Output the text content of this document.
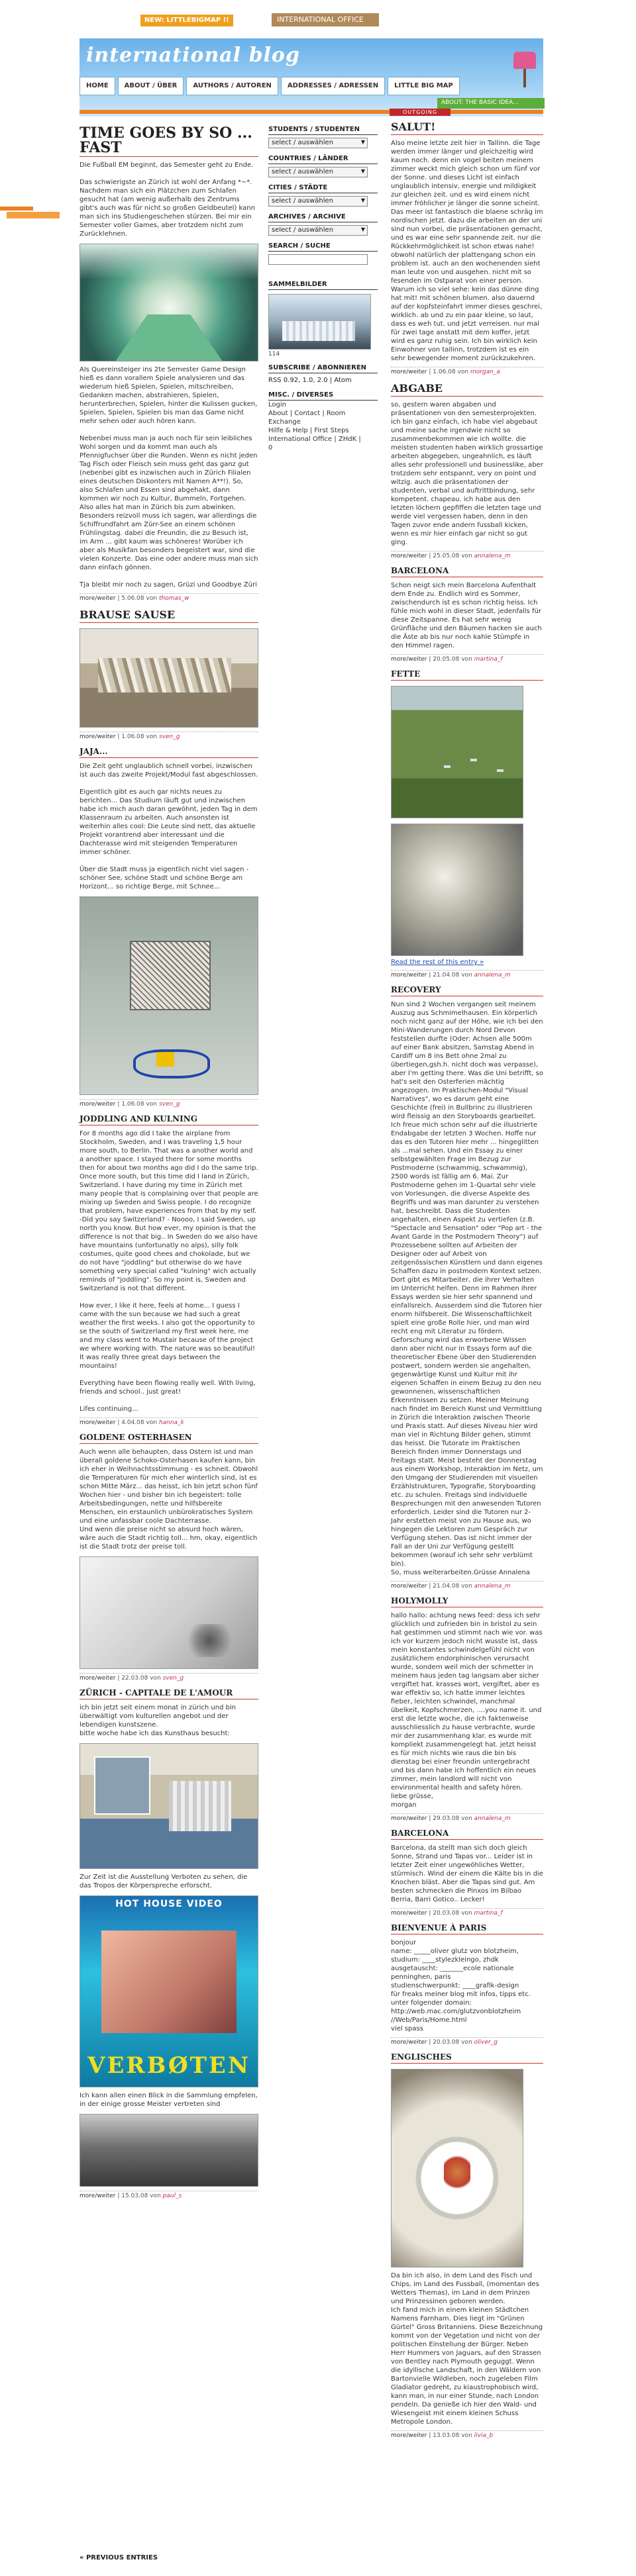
NEW: LITTLEBIGMAP !!	INTERNATIONAL OFFICE
international blog
HOME	ABOUT / ÜBER	AUTHORS / AUTOREN	ADDRESSES / ADRESSEN	LITTLE BIG MAP
ABOUT: THE BASIC IDEA...
OUTGOING
TIME GOES BY SO ... FAST
Die Fußball EM beginnt, das Semester geht zu Ende.

Das schwierigste an Zürich ist wohl der Anfang *~*. Nachdem man sich ein Plätzchen zum Schlafen gesucht hat (am wenig außerhalb des Zentrums gibt's auch was für nicht so großen Geldbeutel) kann man sich ins Studiengeschehen stürzen. Bei mir ein Semester voller Games, aber trotzdem nicht zum Zurücklehnen.
Als Quereinsteiger ins 2te Semester Game Design hieß es dann vorallem Spiele analysieren und das wiederum hieß Spielen, Spielen, mitschreiben, Gedanken machen, abstrahieren, Spielen, herunterbrechen, Spielen, hinter die Kulissen gucken, Spielen, Spielen, Spielen bis man das Game nicht mehr sehen oder auch hören kann.

Nebenbei muss man ja auch noch für sein leibliches Wohl sorgen und da kommt man auch als Pfennigfuchser über die Runden. Wenn es nicht jeden Tag Fisch oder Fleisch sein muss geht das ganz gut (nebenbei gibt es inzwischen auch in Zürich Filialen eines deutschen Diskonters mit Namen A**!). So, also Schlafen und Essen sind abgehakt, dann kommen wir noch zu Kultur, Bummeln, Fortgehen. Also alles hat man in Zürich bis zum abwinken. Besonders reizvoll muss ich sagen, war allerdings die Schiffrundfahrt am Zürr-See an einem schönen Frühlingstag. dabei die Freundin, die zu Besuch ist, im Arm ... gibt kaum was schöneres! Worüber ich aber als Musikfan besonders begeistert war, sind die vielen Konzerte. Das eine oder andere muss man sich dann einfach gönnen.

Tja bleibt mir noch zu sagen, Grüzi und Goodbye Züri
more/weiter | 5.06.08 von thomas_w
BRAUSE SAUSE
more/weiter | 1.06.08 von sven_g
JAJA...
Die Zeit geht unglaublich schnell vorbei, inzwischen ist auch das zweite Projekt/Modul fast abgeschlossen.

Eigentlich gibt es auch gar nichts neues zu berichten... Das Studium läuft gut und inzwischen habe ich mich auch daran gewöhnt, jeden Tag in dem Klassenraum zu arbeiten. Auch ansonsten ist weiterhin alles cool: Die Leute sind nett, das aktuelle Projekt vorantrend aber interessant und die Dachterasse wird mit steigenden Temperaturen immer schöner.

Über die Stadt muss ja eigentlich nicht viel sagen - schöner See, schöne Stadt und schöne Berge am Horizont... so richtige Berge, mit Schnee...
more/weiter | 1.06.08 von sven_g
JODDLING AND KULNING
For 8 months ago did I take the airplane from Stockholm, Sweden, and I was traveling 1,5 hour more south, to Berlin. That was a another world and a another space. I stayed there for some months then for about two months ago did I do the same trip. Once more south, but this time did I land in Zürich, Switzerland. I have during my time in Zürich met many people that is complaining over that people are mixing up Sweden and Swiss people. I do recognize that problem, have experiences from that by my self. -Did you say Switzerland? - Noooo, I said Sweden, up north you know. But how ever, my opinion is that the difference is not that big.. In Sweden do we also have have mountains (unfortunatly no alps), silly folk costumes, quite good chees and chokolade, but we do not have "joddling" but otherwise do we have something very special called "kulning" wich actually reminds of "joddling". So my point is, Sweden and Switzerland is not that different.

How ever, I like it here, feels at home... I guess I came with the sun because we had such a great weather the first weeks. I also got the opportunity to se the south of Switzerland my first week here, me and my class went to Mustair because of the project we where working with. The nature was so beautiful! It was really three great days between the mountains!

Everything have been flowing really well. With living, friends and school.. just great!

Lifes continuing...
more/weiter | 4.04.08 von hanna_k
GOLDENE OSTERHASEN
Auch wenn alle behaupten, dass Ostern ist und man überall goldene Schoko-Osterhasen kaufen kann, bin ich eher in Weihnachtsstimmung - es schneit. Obwohl die Temperaturen für mich eher winterlich sind, ist es schon Mitte März... das heisst, ich bin jetzt schon fünf Wochen hier - und bisher bin ich begeistert: tolle Arbeitsbedingungen, nette und hilfsbereite Menschen, ein erstaunlich unbürokratisches System und eine unfassbar coole Dachterrasse.
Und wenn die preise nicht so absurd hoch wären, wäre auch die Stadt richtig toll... hm, okay, eigentlich ist die Stadt trotz der preise toll.
more/weiter | 22.03.08 von sven_g
ZÜRICH - CAPITALE DE L'AMOUR
ich bin jetzt seit einem monat in zürich und bin überwältigt vom kulturellen angebot und der lebendigen kunstszene.
bitte woche habe ich das Kunsthaus besucht:
Zur Zeit ist die Ausstellung Verboten zu sehen, die das Tropos der Körperspreche erforscht.
HOT HOUSE VIDEO
VERBØTEN
Ich kann allen einen Blick in die Sammlung empfelen, in der einige grosse Meister vertreten sind
more/weiter | 15.03.08 von paul_s
« PREVIOUS ENTRIES
STUDENTS / STUDENTEN
select / auswählen	▼
COUNTRIES / LÄNDER
select / auswählen	▼
CITIES / STÄDTE
select / auswählen	▼
ARCHIVES / ARCHIVE
select / auswählen	▼
SEARCH / SUCHE
SAMMELBILDER
114
SUBSCRIBE / ABONNIEREN
RSS 0.92, 1.0, 2.0 | Atom
MISC. / DIVERSES
Login
About | Contact | Room
Exchange
Hilfe & Help | First Steps
International Office | ZHdK |
0
SALUT!
Also meine letzte zeit hier in Tallinn. die Tage werden immer länger und gleichzeitig wird kaum noch. denn ein vogel beiten meinem zimmer weckt mich gleich schon um fünf vor der Sonne. und dieses Licht ist einfach unglaublich intensiv, energie und mildigkeit zur gleichen zeit. und es wird einem nicht immer fröhlicher je länger die sonne scheint. Das meer ist fantastisch die blaene schräg im nordischen jetzt. dazu die arbeiten an der uni sind nun vorbei, die präsentationen gemacht, und es war eine sehr spannende zeit. nur die Rückkehrmöglichkeit ist schon etwas nahe! obwohl natürlich der plattengang schon ein problem ist. auch an den wochenenden sieht man leute von und ausgehen. nicht mit so fesenden im Ostparat von einer person. Warum ich so viel sehe: kein das dünne ding hat mit! mit schönen blumen. also dauernd auf der kopfsteinfahrt immer dieses geschrei, wirklich. ab und zu ein paar kleine, so laut, dass es weh tut. und jetzt verreisen. nur mal für zwei tage anstatt mit dem koffer, jetzt wird es ganz ruhig sein. Ich bin wirklich kein Einwohner von tallinn, trotzdem ist es ein sehr bewegender moment zurückzukehren.
more/weiter | 1.06.08 von morgan_a
ABGABE
so, gestern waren abgaben und präsentationen von den semesterprojekten. ich bin ganz einfach, ich habe viel abgebaut und meine sache irgendwie nicht so zusammenbekommen wie ich wollte. die meisten studenten haben wirklich grossartige arbeiten abgegeben, ungeahnlich, es läuft alles sehr professionell und businesslike, aber trotzdem sehr entspannt, very on point und witzig. auch die präsentationen der studenten, verbal und auftrittbindung, sehr kompetent. chapeau. ich habe aus den letzten löchern gepfiffen die letzten tage und werde viel vergessen haben, denn in den Tagen zuvor ende andern fussball kicken, wenn es mir hier einfach gar nicht so gut ging.
more/weiter | 25.05.08 von annalena_m
BARCELONA
Schon neigt sich mein Barcelona Aufenthalt dem Ende zu. Endlich wird es Sommer, zwischendurch ist es schon richtig heiss. Ich fühle mich wohl in dieser Stadt, jedenfalls für diese Zeitspanne. Es hat sehr wenig Grünfläche und den Bäumen hacken sie auch die Äste ab bis nur noch kahle Stümpfe in den Himmel ragen.
more/weiter | 20.05.08 von martina_f
FETTE
Read the rest of this entry »
more/weiter | 21.04.08 von annalena_m
RECOVERY
Nun sind 2 Wochen vergangen seit meinem Auszug aus Schmimelhausen. Ein körperlich noch nicht ganz auf der Höhe, wie ich bei den Mini-Wanderungen durch Nord Devon feststellen durfte (Oder: Achsen alle 500m auf einer Bank absitzen, Samstag Abend in Cardiff um 8 ins Bett ohne 2mal zu übertiegen,gsh.h. nicht doch was verpasse), aber I'm getting there. Was die Uni betrifft, so hat's seit den Osterferien mächtig angezogen. Im Praktischen-Modul "Visual Narratives", wo es darum geht eine Geschichte (frei) in Bullbrinc zu illustrieren wird fleissig an den Storyboards gearbeitet. Ich freue mich schon sehr auf die illustrierte Endabgabe der letzten 3 Wochen. Hoffe nur das es den Tutoren hier mehr ... hingeglitten als ...mal sehen. Und ein Essay zu einer selbstgewählten Frage im Bezug zur Postmoderne (schwammig, schwammig), 2500 words ist fällig am 6. Mai. Zur Postmoderne gehen im 1-Quartal sehr viele von Vorlesungen, die diverse Aspekte des Begriffs und was man darunter zu verstehen hat, beschreibt. Dass die Studenten angehalten, einen Aspekt zu vertiefen (z.B. "Spectacle and Sensation" oder "Pop art - the Avant Garde in the Postmodern Theory") auf Prozessebene sollten auf Arbeiten der Designer oder auf Arbeit von zeitgenössischen Künstlern und dann eigenes Schaffen dazu in postmodern Kontext setzen. Dort gibt es Mitarbeiter, die ihrer Verhalten im Unterricht helfen. Denn im Rahmen ihrer Essays werden sie hier sehr spannend und einfallsreich. Ausserdem sind die Tutoren hier enorm hilfsbereit. Die Wissenschaftlichkeit spielt eine große Rolle hier, und man wird recht eng mit Literatur zu fördern. Geforschung wird das erworbene Wissen dann aber nicht nur in Essays form auf die theoretischer Ebene über den Studierenden postwert, sondern werden sie angehalten, gegenwärtige Kunst und Kultur mit ihr eigenen Schaffen in einem Bezug zu den neu gewonnenen, wissenschaftlichen Erkenntnissen zu setzen. Meiner Meinung nach findet im Bereich Kunst und Vermittlung in Zürich die Interaktion zwischen Theorie und Praxis statt. Auf dieses Niveau hier wird man viel in Richtung Bilder gehen, stimmt das heisst. Die Tutorate im Praktischen Bereich finden immer Donnerstags und freitags statt. Meist besteht der Donnerstag aus einem Workshop, Interaktion im Netz, um den Umgang der Studierenden mit visuellen Erzählstrukturen, Typografie, Storyboarding etc. zu schulen. Freitags sind individuelle Besprechungen mit den anwesenden Tutoren erforderlich. Leider sind die Tutoren nur 2-Jahr erstetten meist von zu Hause aus, wo hingegen die Lektoren zum Gespräch zur Verfügung stehen. Das ist nicht immer der Fall an der Uni zur Verfügung gestellt bekommen (worauf ich sehr sehr verblümt bin).
So, muss weiterarbeiten.Grüsse Annalena
more/weiter | 21.04.08 von annalena_m
HOLYMOLLY
hallo hallo: achtung news feed: dess ich sehr glücklich und zufrieden bin in bristol zu sein hat gestimmen und stimmt nach wie vor. was ich vor kurzem jedoch nicht wusste ist, dass mein konstantes schwindelgefühl nicht von zusätzlichem endorphinischen verursacht wurde, sondern weil mich der schmetter in meinem haus jeden tag langsam aber sicher vergiftet hat. krasses wort, vergiftet, aber es war effektiv so, ich hatte immer leichtes fieber, leichten schwindel, manchmal übelkeit, Kopfschmerzen, ....you name it. und erst die letzte woche, die ich faktenweise ausschliesslich zu hause verbrachte, wurde mir der zusammenhang klar. es wurde mit kompliekt zusammengelegt hat. jetzt heisst es für mich nichts wie raus die bin bis dienstag bei einer freundin untergebracht und bis dann habe ich hoffentlich ein neues zimmer, mein landlord will nicht von environmental health and safety hören.
liebe grüsse,
morgan
more/weiter | 29.03.08 von annalena_m
BARCELONA
Barcelona, da stellt man sich doch gleich Sonne, Strand und Tapas vor... Leider ist in letzter Zeit einer ungewöhliches Wetter, stürmisch. Wind der einem die Kälte bis in die Knochen bläst. Aber die Tapas sind gut. Am besten schmecken die Pinxos im Bilbao Berria, Barri Gotico.. Lecker!
more/weiter | 20.03.08 von martina_f
BIENVENUE À PARIS
bonjour
name: _____oliver glutz von blotzheim,
studium: ____stylezkleingo, zhdk
ausgetauscht: _______ecole nationale
penninghen, paris
studienschwerpunkt: ____grafik-design
für freaks meiner blog mit infos, tipps etc. unter folgender domain:
http://web.mac.com/glutzvonblotzheim
//Web/Paris/Home.html
viel spass
more/weiter | 20.03.08 von oliver_g
ENGLISCHES
Da bin ich also, in dem Land des Fisch und Chips, im Land des Fussball, (momentan des Wetters Themas), im Land in dem Prinzen und Prinzessinen geboren werden.
Ich fand mich in einem kleinen Städtchen Namens Farnham. Dies liegt im "Grünen Gürtel" Gross Britanniens. Diese Bezeichnung kommt von der Vegetation und nicht von der politischen Einstellung der Bürger. Neben Herr Hummers von Jaguars, auf den Strassen von Bentley nach Plymouth geguggt. Wenn die idyllische Landschaft, in den Wäldern von Bartonvielle Wildleben, noch zugeleben Film Gladiator gedreht, zu kiaustrophobisch wird, kann man, in nur einer Stunde, nach London pendeln. Da genieße ich hier den Wald- und Wiesengeist mit einem kleinen Schuss Metropole London.
more/weiter | 13.03.08 von livia_b
